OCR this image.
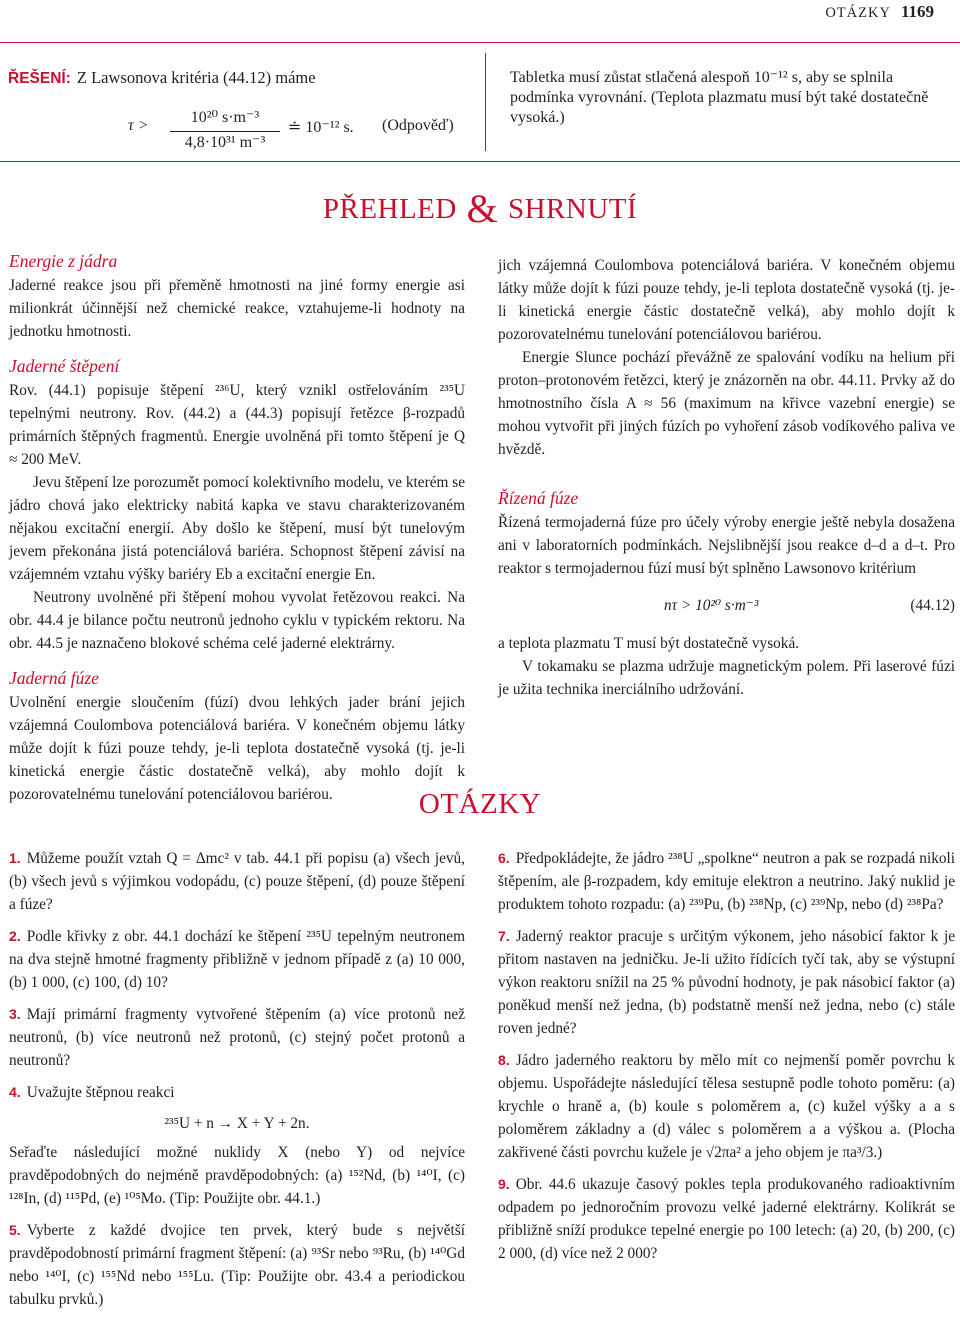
OTÁZKY 1169
ŘEŠENÍ: Z Lawsonova kritéria (44.12) máme
$\tau > \frac{\text{10²⁰ s·m⁻³}}{\text{4,8·10³¹ m⁻³}}$ ≐ 10⁻¹² s. (Odpověď)
Tabletka musí zůstat stlačená alespoň 10⁻¹² s, aby se splnila podmínka vyrovnání. (Teplota plazmatu musí být také dostatečně vysoká.)
PŘEHLED & SHRNUTÍ
Energie z jádra

Jaderné reakce jsou při přeměně hmotnosti na jiné formy energie asi milionkrát účinnější než chemické reakce, vztahujeme-li hodnoty na jednotku hmotnosti.

Jaderné štěpení

Rov. (44.1) popisuje štěpení ²³⁶U, který vznikl ostřelováním ²³⁵U tepelnými neutrony. Rov. (44.2) a (44.3) popisují řetězce β-rozpadů primárních štěpných fragmentů. Energie uvolněná při tomto štěpení je Q ≈ 200 MeV.

Jevu štěpení lze porozumět pomocí kolektivního modelu, ve kterém se jádro chová jako elektricky nabitá kapka ve stavu charakterizovaném nějakou excitační energií. Aby došlo ke štěpení, musí být tunelovým jevem překonána jistá potenciálová bariéra. Schopnost štěpení závisí na vzájemném vztahu výšky bariéry Eb a excitační energie En.

Neutrony uvolněné při štěpení mohou vyvolat řetězovou reakci. Na obr. 44.4 je bilance počtu neutronů jednoho cyklu v typickém rektoru. Na obr. 44.5 je naznačeno blokové schéma celé jaderné elektrárny.

Jaderná fúze

Uvolnění energie sloučením (fúzí) dvou lehkých jader brání jejich vzájemná Coulombova potenciálová bariéra. V konečném objemu látky může dojít k fúzi pouze tehdy, je-li teplota dostatečně vysoká (tj. je-li kinetická energie částic dostatečně velká), aby mohlo dojít k pozorovatelnému tunelování potenciálovou bariérou.

jich vzájemná Coulombova potenciálová bariéra. V konečném objemu látky může dojít k fúzi pouze tehdy, je-li teplota dostatečně vysoká (tj. je-li kinetická energie částic dostatečně velká), aby mohlo dojít k pozorovatelnému tunelování potenciálovou bariérou.

Energie Slunce pochází převážně ze spalování vodíku na helium při proton–protonovém řetězci, který je znázorněn na obr. 44.11. Prvky až do hmotnostního čísla A ≈ 56 (maximum na křivce vazební energie) se mohou vytvořit při jiných fúzích po vyhoření zásob vodíkového paliva ve hvězdě.

Řízená fúze

Řízená termojaderná fúze pro účely výroby energie ještě nebyla dosažena ani v laboratorních podmínkách. Nejslibnější jsou reakce d–d a d–t. Pro reaktor s termojadernou fúzí musí být splněno Lawsonovo kritérium

nτ > 10²⁰ s·m⁻³	(44.12)

a teplota plazmatu T musí být dostatečně vysoká.

V tokamaku se plazma udržuje magnetickým polem. Při laserové fúzi je užita technika inerciálního udržování.

OTÁZKY
1. Můžeme použít vztah Q = Δmc² v tab. 44.1 při popisu (a) všech jevů, (b) všech jevů s výjimkou vodopádu, (c) pouze štěpení, (d) pouze štěpení a fúze?
2. Podle křivky z obr. 44.1 dochází ke štěpení ²³⁵U tepelným neutronem na dva stejně hmotné fragmenty přibližně v jednom případě z (a) 10 000, (b) 1 000, (c) 100, (d) 10?
3. Mají primární fragmenty vytvořené štěpením (a) více protonů než neutronů, (b) více neutronů než protonů, (c) stejný počet protonů a neutronů?
4. Uvažujte štěpnou reakci
²³⁵U + n → X + Y + 2n.
Seřaďte následující možné nuklidy X (nebo Y) od nejvíce pravděpodobných do nejméně pravděpodobných: (a) ¹⁵²Nd, (b) ¹⁴⁰I, (c) ¹²⁸In, (d) ¹¹⁵Pd, (e) ¹⁰⁵Mo. (Tip: Použijte obr. 44.1.)
5. Vyberte z každé dvojice ten prvek, který bude s největší pravděpodobností primární fragment štěpení: (a) ⁹³Sr nebo ⁹³Ru, (b) ¹⁴⁰Gd nebo ¹⁴⁰I, (c) ¹⁵⁵Nd nebo ¹⁵⁵Lu. (Tip: Použijte obr. 43.4 a periodickou tabulku prvků.)
6. Předpokládejte, že jádro ²³⁸U „spolkne“ neutron a pak se rozpadá nikoli štěpením, ale β-rozpadem, kdy emituje elektron a neutrino. Jaký nuklid je produktem tohoto rozpadu: (a) ²³⁹Pu, (b) ²³⁸Np, (c) ²³⁹Np, nebo (d) ²³⁸Pa?
7. Jaderný reaktor pracuje s určitým výkonem, jeho násobicí faktor k je přitom nastaven na jedničku. Je-li užito řídících tyčí tak, aby se výstupní výkon reaktoru snížil na 25 % původní hodnoty, je pak násobicí faktor (a) poněkud menší než jedna, (b) podstatně menší než jedna, nebo (c) stále roven jedné?
8. Jádro jaderného reaktoru by mělo mít co nejmenší poměr povrchu k objemu. Uspořádejte následující tělesa sestupně podle tohoto poměru: (a) krychle o hraně a, (b) koule s poloměrem a, (c) kužel výšky a a s poloměrem základny a (d) válec s poloměrem a a výškou a. (Plocha zakřivené části povrchu kužele je √2πa² a jeho objem je πa³/3.)
9. Obr. 44.6 ukazuje časový pokles tepla produkovaného radioaktivním odpadem po jednoročním provozu velké jaderné elektrárny. Kolikrát se přibližně sníží produkce tepelné energie po 100 letech: (a) 20, (b) 200, (c) 2 000, (d) více než 2 000?
